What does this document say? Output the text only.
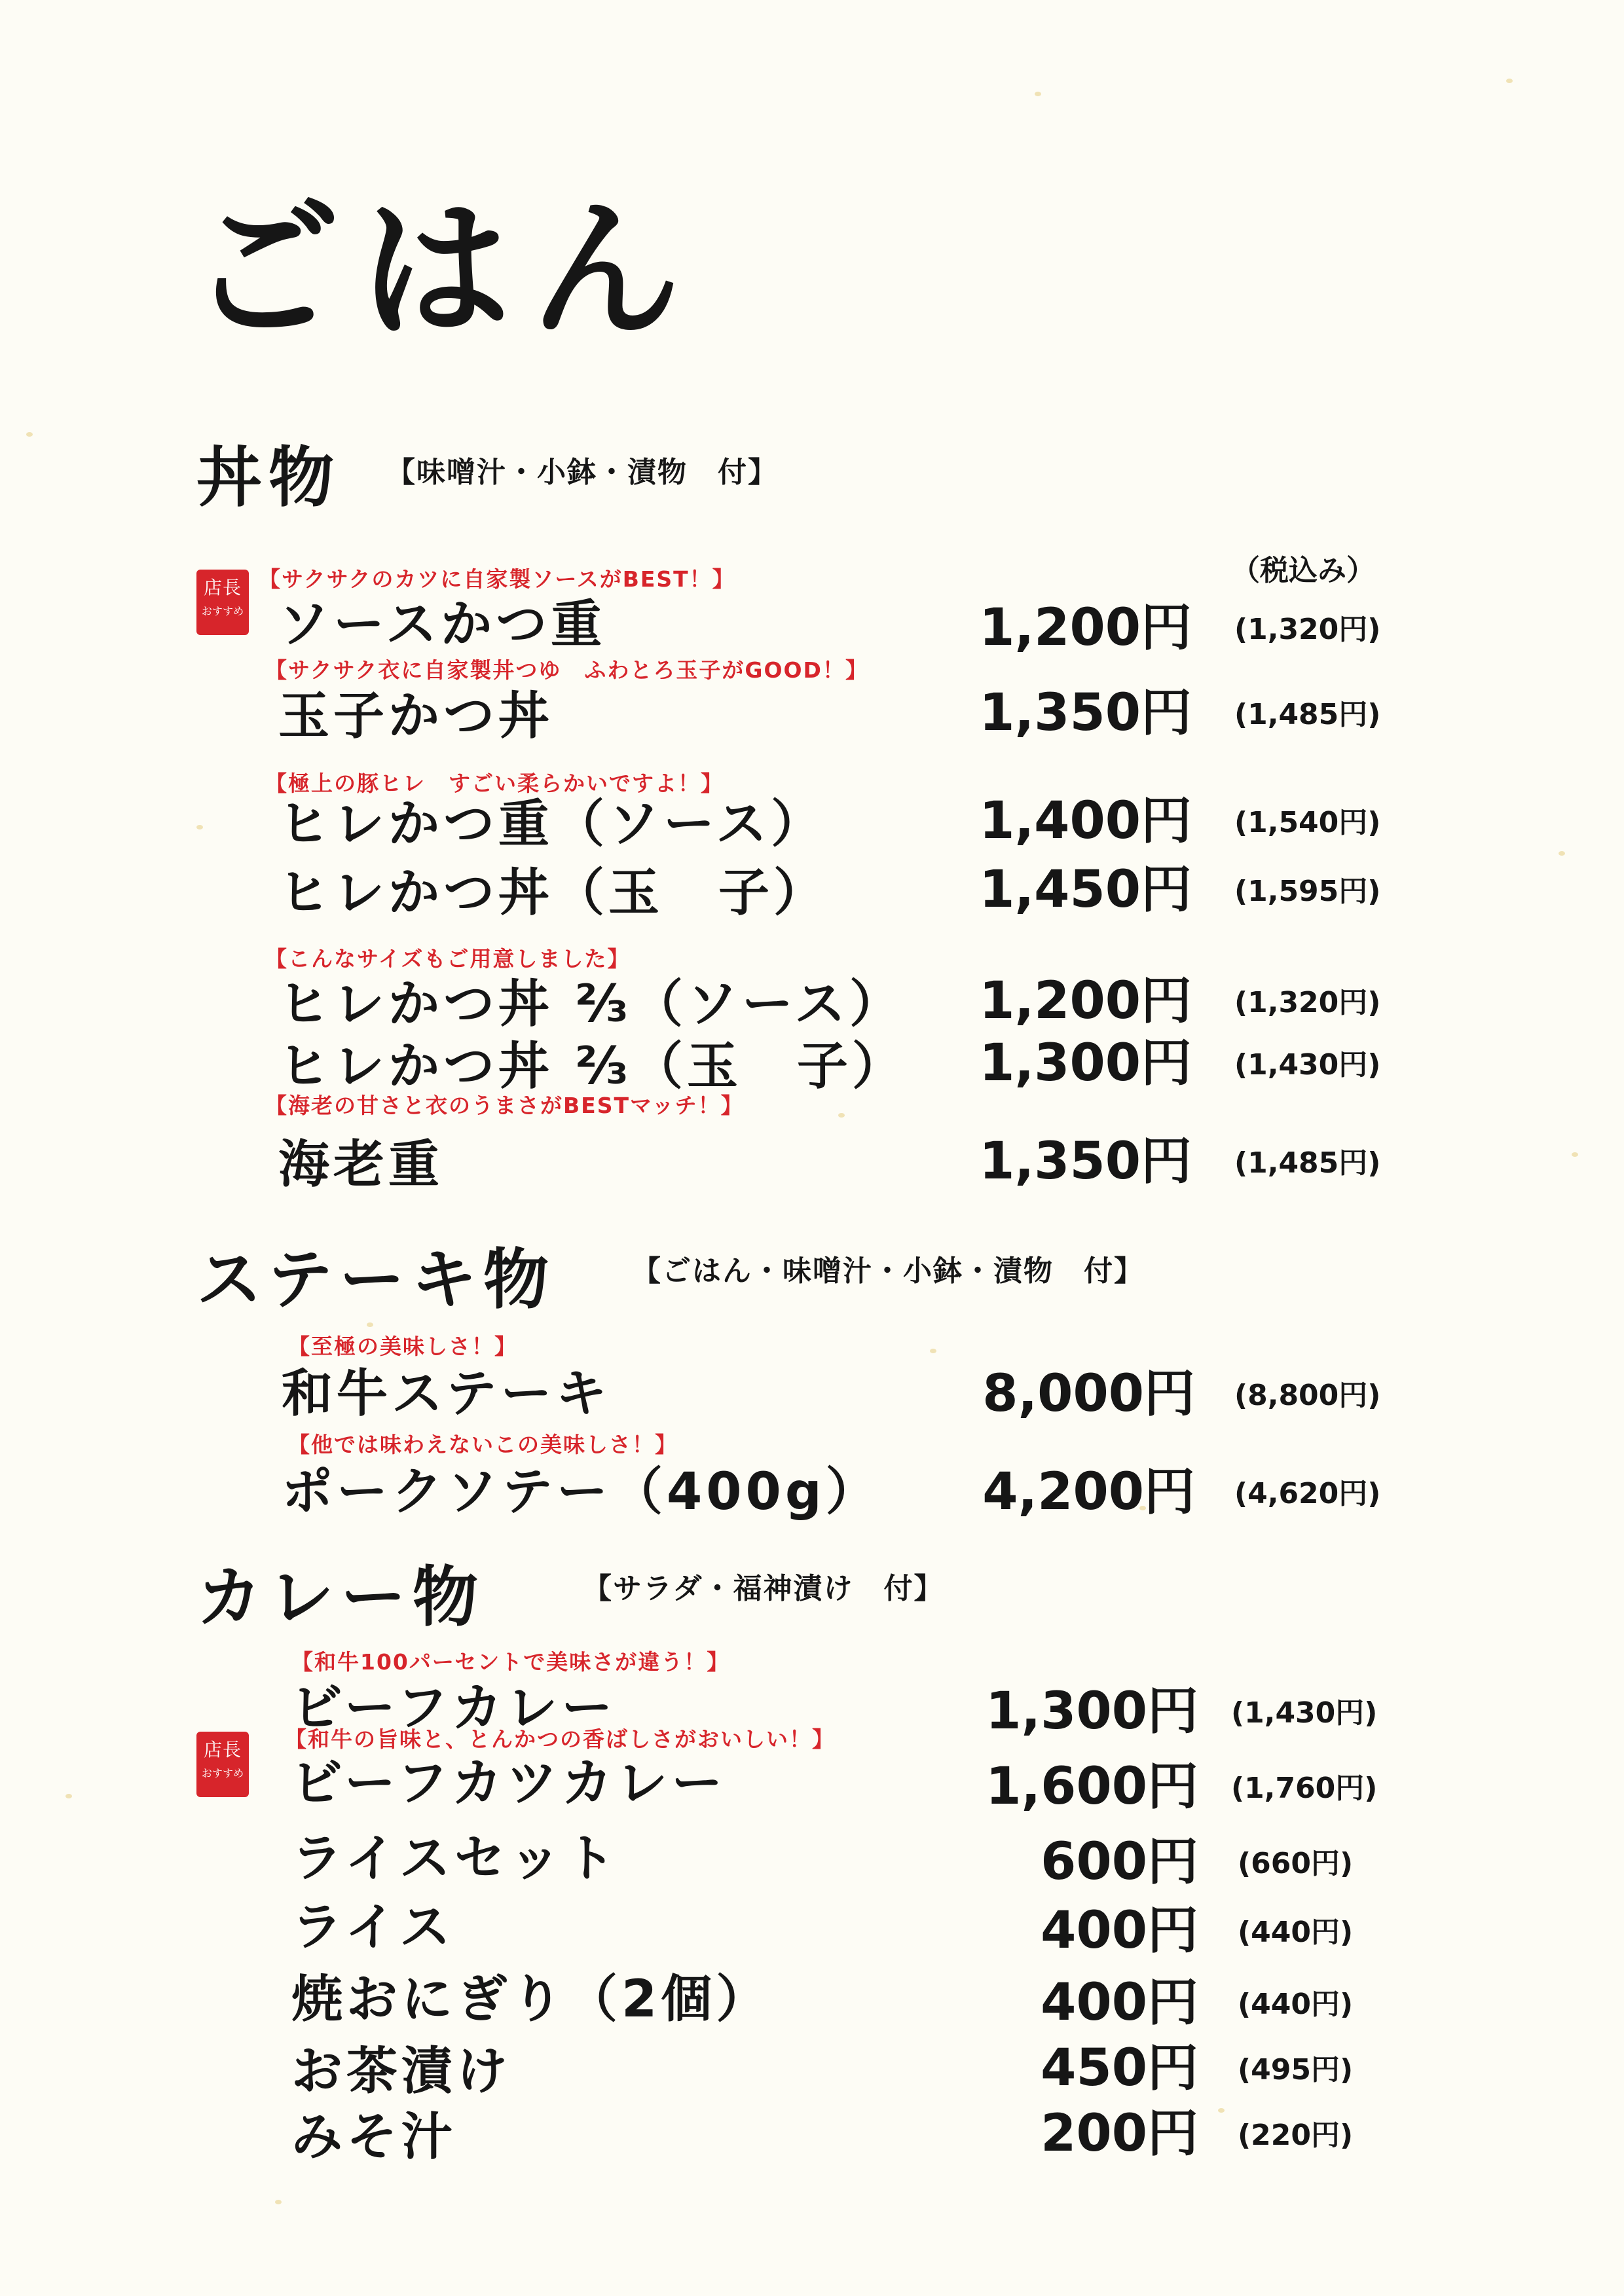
ごはん
丼物 【味噌汁・小鉢・漬物　付】
（税込み）
店長
おすすめ
【サクサクのカツに自家製ソースがBEST！】
ソースかつ重	1,200円 (1,320円)
【サクサク衣に自家製丼つゆ　ふわとろ玉子がGOOD！】
玉子かつ丼	1,350円 (1,485円)
【極上の豚ヒレ　すごい柔らかいですよ！】
ヒレかつ重（ソース）	1,400円 (1,540円)
ヒレかつ丼（玉　子）	1,450円 (1,595円)
【こんなサイズもご用意しました】
ヒレかつ丼 ⅔（ソース）	1,200円 (1,320円)
ヒレかつ丼 ⅔（玉　子）	1,300円 (1,430円)
【海老の甘さと衣のうまさがBESTマッチ！】
海老重	1,350円 (1,485円)
ステーキ物	【ごはん・味噌汁・小鉢・漬物　付】
【至極の美味しさ！】
和牛ステーキ	8,000円 (8,800円)
【他では味わえないこの美味しさ！】
ポークソテー（400g）	4,200円 (4,620円)
カレー物	【サラダ・福神漬け　付】
【和牛100パーセントで美味さが違う！】
ビーフカレー	1,300円 (1,430円)
店長
おすすめ
【和牛の旨味と、とんかつの香ばしさがおいしい！】
ビーフカツカレー	1,600円 (1,760円)
ライスセット	600円 (660円)
ライス	400円 (440円)
焼おにぎり（2個）	400円 (440円)
お茶漬け	450円 (495円)
みそ汁	200円 (220円)
